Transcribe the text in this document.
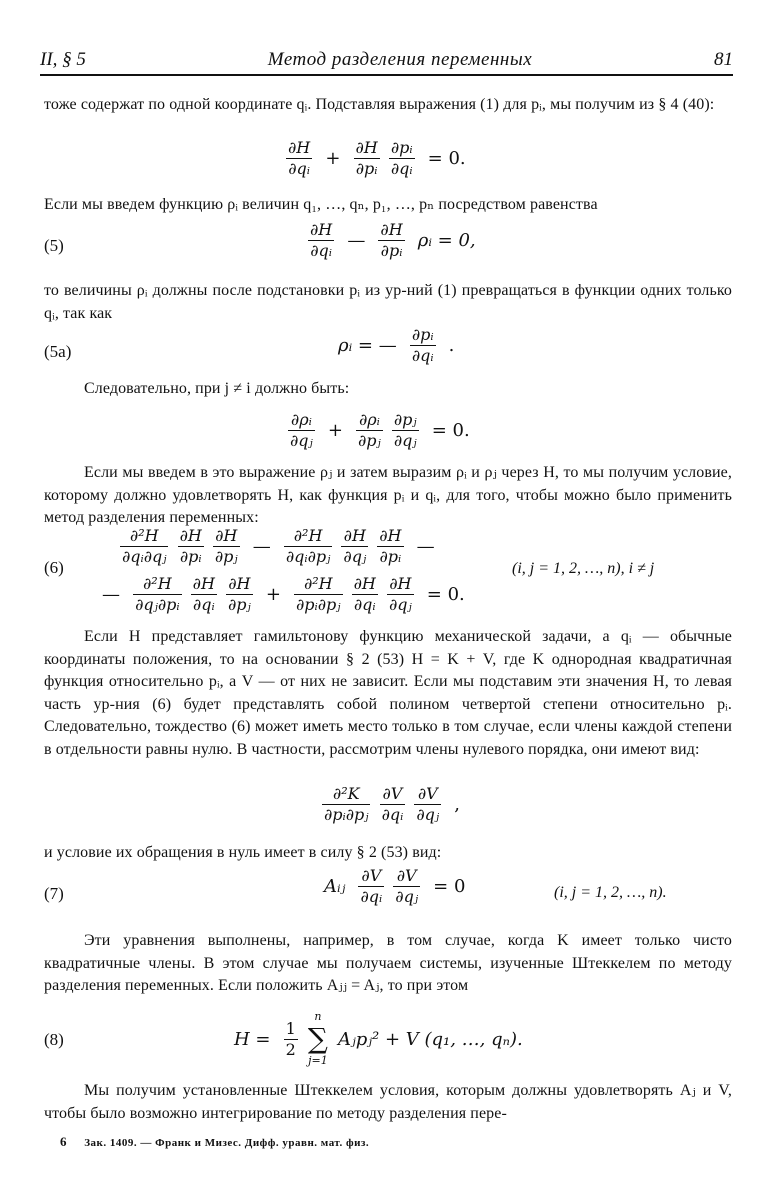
II, § 5	Метод разделения переменных	81
тоже содержат по одной координате qᵢ. Подставляя выражения (1) для pᵢ, мы получим из § 4 (40):
$\frac{\partial H}{\text{∂qᵢ}} + \frac{\partial H}{\text{∂pᵢ}}$
$\frac{\text{∂pᵢ}}{\text{∂qᵢ}} = 0$.
Если мы введем функцию ρᵢ величин q₁, …, qₙ, p₁, …, pₙ посредством равенства
(5)	$\frac{\partial H}{\text{∂qᵢ}}$ — $\frac{\partial H}{\text{∂pᵢ}}$ ρᵢ = 0,
то величины ρᵢ должны после подстановки pᵢ из ур-ний (1) превращаться в функции одних только qᵢ, так как
(5a)	ρᵢ = — $\frac{\text{∂pᵢ}}{\text{∂qᵢ}}$ .
Следовательно, при j ≠ i должно быть:
$\frac{\text{∂ρᵢ}}{\text{∂qⱼ}} + \frac{\text{∂ρᵢ}}{\text{∂pⱼ}}$
$\frac{\text{∂pⱼ}}{\text{∂qⱼ}} = 0$.
Если мы введем в это выражение ρⱼ и затем выразим ρᵢ и ρⱼ через H, то мы получим условие, которому должно удовлетворять H, как функция pᵢ и qᵢ, для того, чтобы можно было применить метод разделения переменных:
(6)
$\frac{\text{∂²H}}{\text{∂qᵢ∂qⱼ}}$
$\frac{\partial H}{\text{∂pᵢ}}$
$\frac{\partial H}{\text{∂pⱼ}}$ — $\frac{\text{∂²H}}{\text{∂qᵢ∂pⱼ}}$
$\frac{\partial H}{\text{∂qⱼ}}$
$\frac{\partial H}{\text{∂pᵢ}}$ —
— $\frac{\text{∂²H}}{\text{∂qⱼ∂pᵢ}}$
$\frac{\partial H}{\text{∂qᵢ}}$
$\frac{\partial H}{\text{∂pⱼ}} + \frac{\text{∂²H}}{\text{∂pᵢ∂pⱼ}}$
$\frac{\partial H}{\text{∂qᵢ}}$
$\frac{\partial H}{\text{∂qⱼ}} = 0$.
(i, j = 1, 2, …, n), i ≠ j
Если H представляет гамильтонову функцию механической задачи, а qᵢ — обычные координаты положения, то на основании § 2 (53) H = K + V, где K однородная квадратичная функция относительно pᵢ, а V — от них не зависит. Если мы подставим эти значения H, то левая часть ур-ния (6) будет представлять собой полином четвертой степени относительно pᵢ. Следовательно, тождество (6) может иметь место только в том случае, если члены каждой степени в отдельности равны нулю. В частности, рассмотрим члены нулевого порядка, они имеют вид:
$\frac{\text{∂²K}}{\text{∂pᵢ∂pⱼ}}$
$\frac{\partial V}{\text{∂qᵢ}}$
$\frac{\partial V}{\text{∂qⱼ}}$ ,
и условие их обращения в нуль имеет в силу § 2 (53) вид:
(7)	Aᵢⱼ $\frac{\partial V}{\text{∂qᵢ}}$
$\frac{\partial V}{\text{∂qⱼ}} = 0$	(i, j = 1, 2, …, n).
Эти уравнения выполнены, например, в том случае, когда K имеет только чисто квадратичные члены. В этом случае мы получаем системы, изученные Штеккелем по методу разделения переменных. Если положить Aⱼⱼ = Aⱼ, то при этом
(8)	$H = \frac{1}{2}$

n
∑
j=1
Aⱼpⱼ² + V (q₁, …, qₙ).
Мы получим установленные Штеккелем условия, которым должны удовлетворять Aⱼ и V, чтобы было возможно интегрирование по методу разделения пере-
6 Зак. 1409. — Франк и Мизес. Дифф. уравн. мат. физ.
